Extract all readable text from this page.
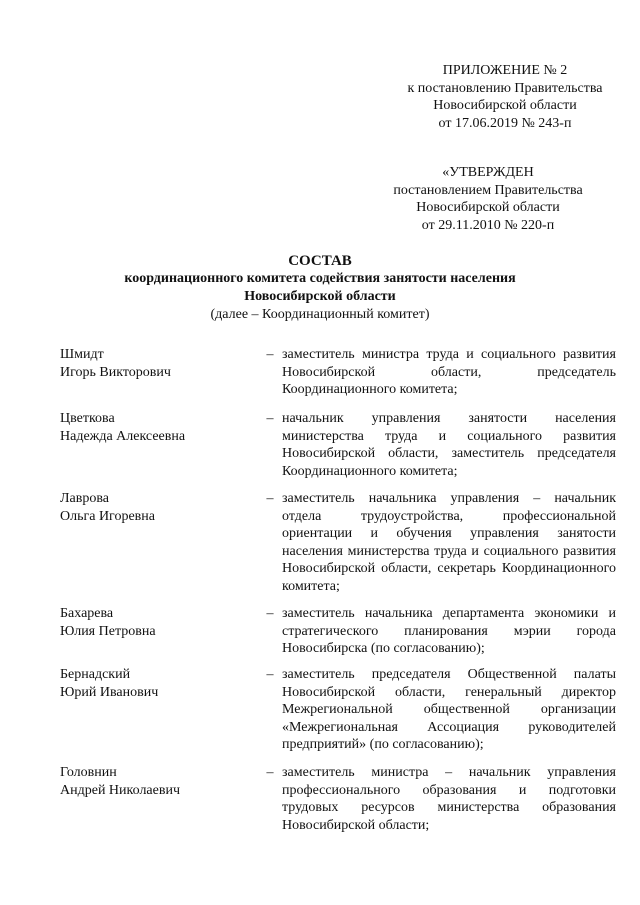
ПРИЛОЖЕНИЕ № 2
к постановлению Правительства
Новосибирской области
от 17.06.2019 № 243-п
«УТВЕРЖДЕН
постановлением Правительства
Новосибирской области
от 29.11.2010 № 220-п
СОСТАВ
координационного комитета содействия занятости населения
Новосибирской области
(далее – Координационный комитет)
Шмидт
Игорь Викторович
– заместитель министра труда и социального развития Новосибирской области, председатель Координационного комитета;
Цветкова
Надежда Алексеевна
– начальник управления занятости населения министерства труда и социального развития Новосибирской области, заместитель председателя Координационного комитета;
Лаврова
Ольга Игоревна
– заместитель начальника управления – начальник отдела трудоустройства, профессиональной ориентации и обучения управления занятости населения министерства труда и социального развития Новосибирской области, секретарь Координационного комитета;
Бахарева
Юлия Петровна
– заместитель начальника департамента экономики и стратегического планирования мэрии города Новосибирска (по согласованию);
Бернадский
Юрий Иванович
– заместитель председателя Общественной палаты Новосибирской области, генеральный директор Межрегиональной общественной организации «Межрегиональная Ассоциация руководителей предприятий» (по согласованию);
Головнин
Андрей Николаевич
– заместитель министра – начальник управления профессионального образования и подготовки трудовых ресурсов министерства образования Новосибирской области;
